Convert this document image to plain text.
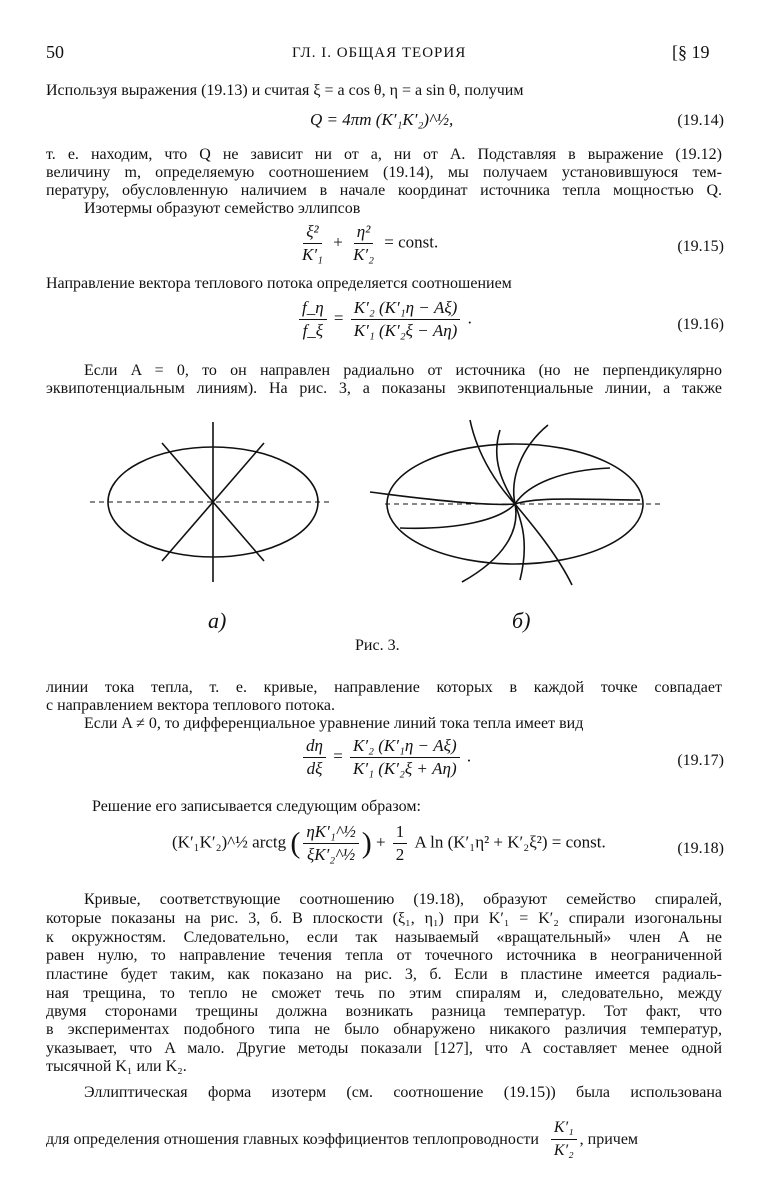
50	ГЛ. I. ОБЩАЯ ТЕОРИЯ	[§ 19
Используя выражения (19.13) и считая ξ = a cos θ, η = a sin θ, получим
Q = 4πm (K′₁K′₂)^½,	(19.14)
т. е. находим, что Q не зависит ни от a, ни от A. Подставляя в выражение (19.12)
величину m, определяемую соотношением (19.14), мы получаем установившуюся тем-
пературу, обусловленную наличием в начале координат источника тепла мощностью Q.
Изотермы образуют семейство эллипсов
$\frac{\text{ξ²}}{\text{K′₁}} + \frac{\text{η²}}{\text{K′₂}}$ = const.	(19.15)
Направление вектора теплового потока определяется соотношением
$\frac{f\_\eta}{f\_\xi} = \frac{\text{K′₂ (K′₁η − Aξ)}}{\text{K′₁ (K′₂ξ − Aη)}}$ .	(19.16)
Если A = 0, то он направлен радиально от источника (но не перпендикулярно
эквипотенциальным линиям). На рис. 3, a показаны эквипотенциальные линии, а также
a)	б)
Рис. 3.
линии тока тепла, т. е. кривые, направление которых в каждой точке совпадает
с направлением вектора теплового потока.
Если A ≠ 0, то дифференциальное уравнение линий тока тепла имеет вид
$\frac{d\eta}{d\xi} = \frac{\text{K′₂ (K′₁η − Aξ)}}{\text{K′₁ (K′₂ξ + Aη)}}$ .	(19.17)
Решение его записывается следующим образом:
(K′₁K′₂)^½ arctg ( $\frac{\text{ηK′₁\textasciicircum{}½}}{\text{ξK′₂\textasciicircum{}½}}$ ) + $\frac{1}{2}$ A ln (K′₁η² + K′₂ξ²) = const.	(19.18)
Кривые, соответствующие соотношению (19.18), образуют семейство спиралей,
которые показаны на рис. 3, б. В плоскости (ξ₁, η₁) при K′₁ = K′₂ спирали изогональны
к окружностям. Следовательно, если так называемый «вращательный» член A не
равен нулю, то направление течения тепла от точечного источника в неограниченной
пластине будет таким, как показано на рис. 3, б. Если в пластине имеется радиаль-
ная трещина, то тепло не сможет течь по этим спиралям и, следовательно, между
двумя сторонами трещины должна возникать разница температур. Тот факт, что
в экспериментах подобного типа не было обнаружено никакого различия температур,
указывает, что A мало. Другие методы показали [127], что A составляет менее одной
тысячной K₁ или K₂.
Эллиптическая форма изотерм (см. соотношение (19.15)) была использована
для определения отношения главных коэффициентов теплопроводности $\frac{\text{K′₁}}{\text{K′₂}}$ , причем
